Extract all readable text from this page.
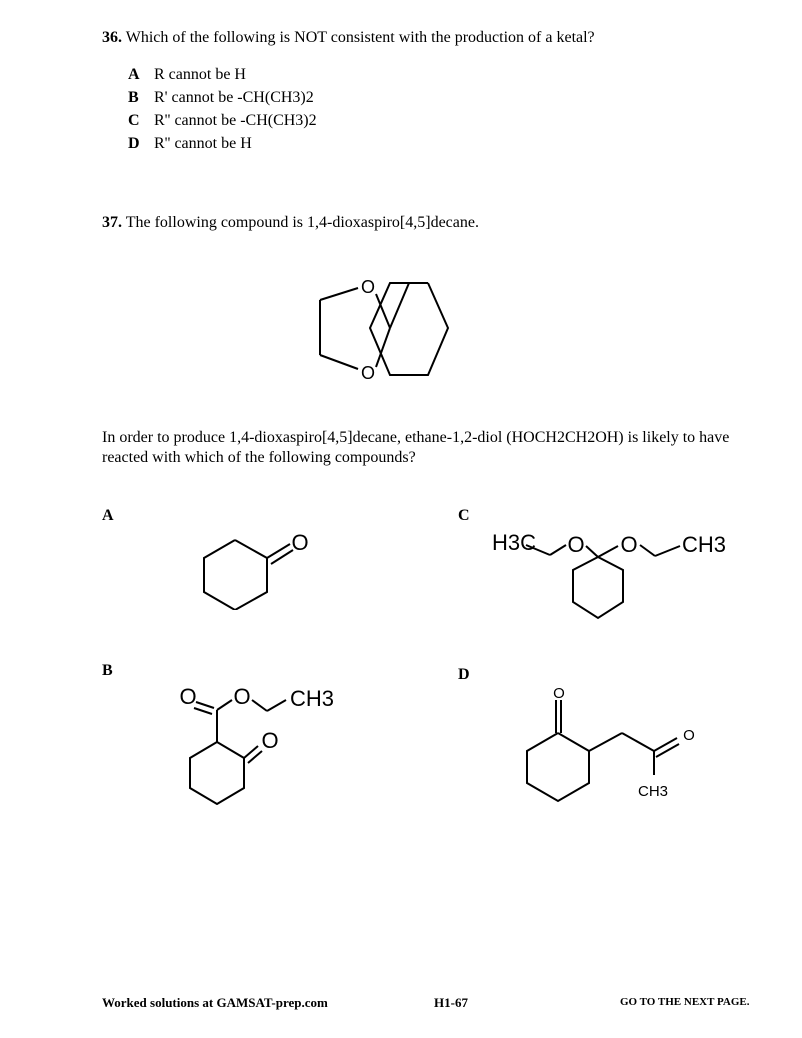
36. Which of the following is NOT consistent with the production of a ketal?
A R cannot be H
B R' cannot be -CH(CH3)2
C R'' cannot be -CH(CH3)2
D R'' cannot be H
37. The following compound is 1,4-dioxaspiro[4,5]decane.
O
O
In order to produce 1,4-dioxaspiro[4,5]decane, ethane-1,2-diol (HOCH2CH2OH) is likely to have reacted with which of the following compounds?
A
O
C
H3C O O CH3
B
O O CH3
O
D
O
O
CH3
Worked solutions at GAMSAT-prep.com	H1-67	GO TO THE NEXT PAGE.
